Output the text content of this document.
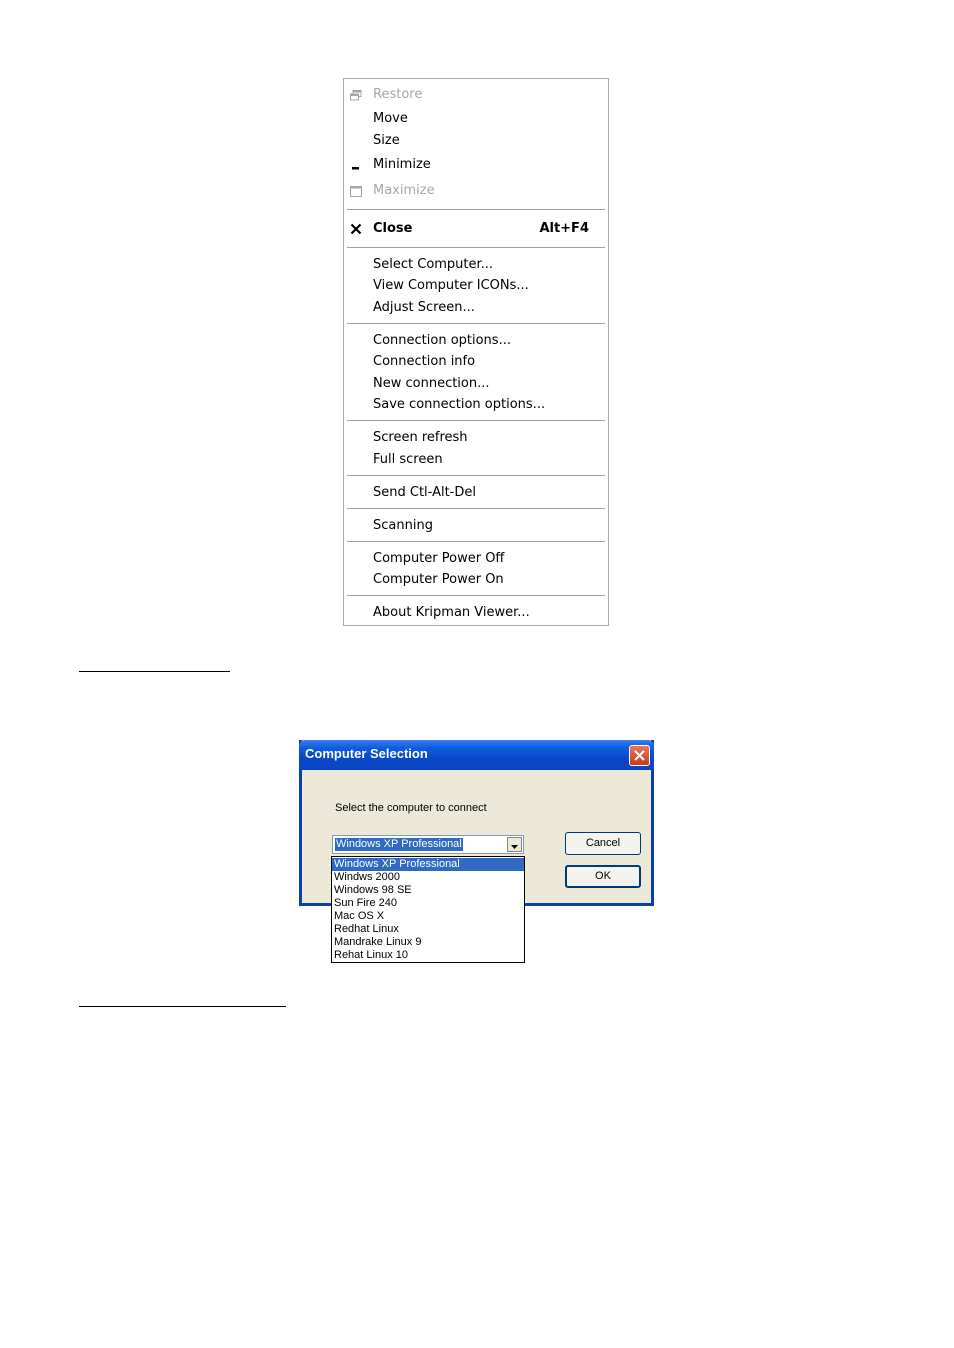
Restore
Move
Size
Minimize
Maximize
Close	Alt+F4
Select Computer...
View Computer ICONs...
Adjust Screen...
Connection options...
Connection info
New connection...
Save connection options...
Screen refresh
Full screen
Send Ctl-Alt-Del
Scanning
Computer Power Off
Computer Power On
About Kripman Viewer...
Computer Selection
Select the computer to connect
Windows XP Professional	Cancel
OK
Windows XP Professional
Windws 2000
Windows 98 SE
Sun Fire 240
Mac OS X
Redhat Linux
Mandrake Linux 9
Rehat Linux 10
